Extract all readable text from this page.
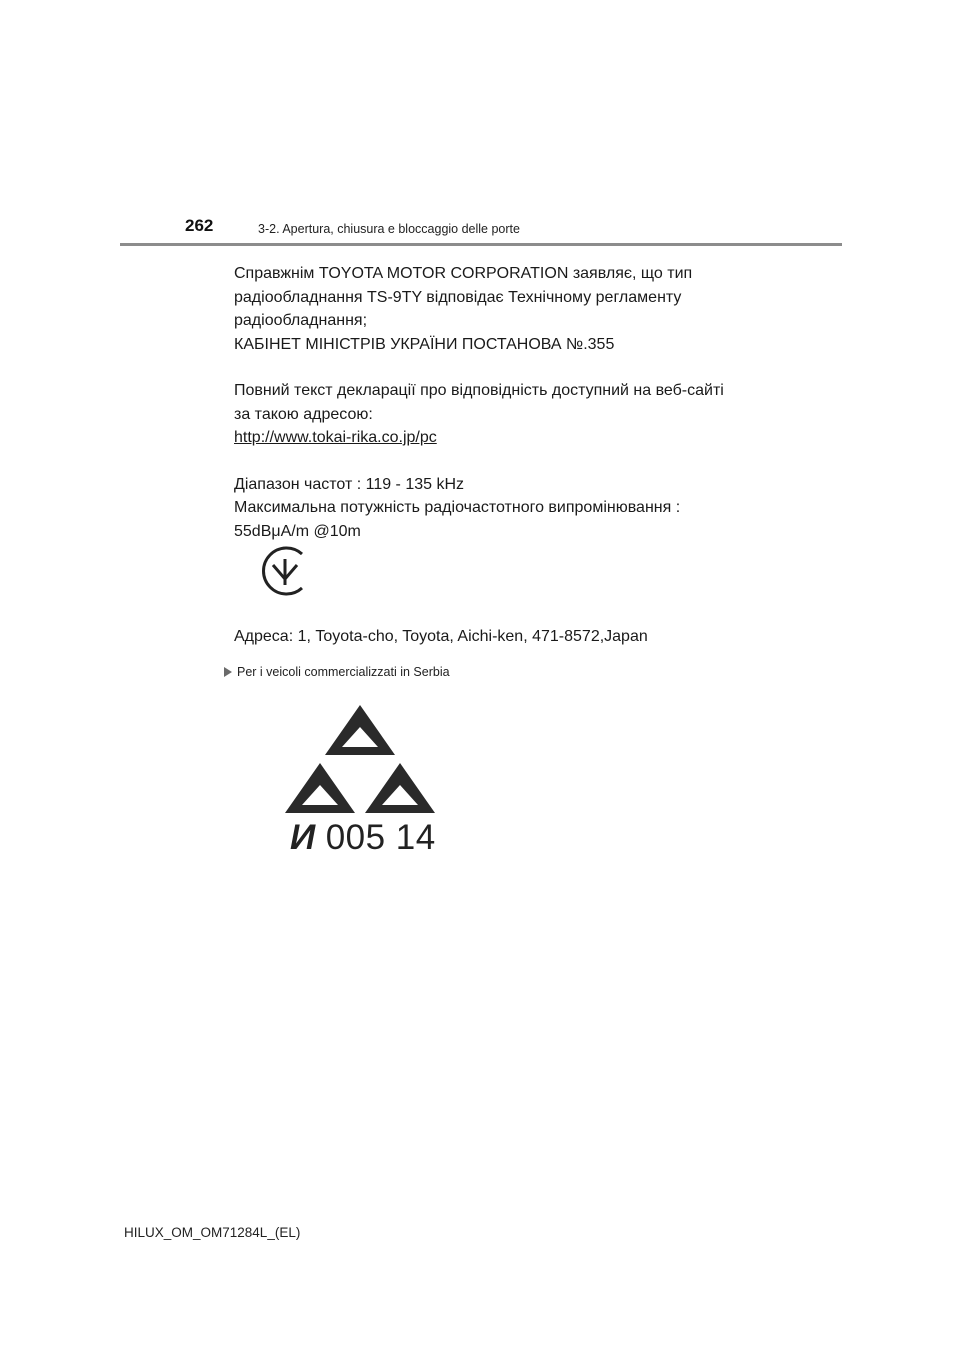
262	3-2. Apertura, chiusura e bloccaggio delle porte

Справжнім TOYOTA MOTOR CORPORATION заявляє, що тип

радіообладнання TS-9TY відповідає Технічному регламенту

радіообладнання;

КАБІНЕТ МІНІСТРІВ УКРАЇНИ ПОСТАНОВА №.355

Повний текст декларації про відповідність доступний на веб-сайті

за такою адресою:

http://www.tokai-rika.co.jp/pc

Діапазон частот : 119 - 135 kHz

Максимальна потужність радіочастотного випромінювання :

55dBμA/m @10m

Адреса: 1, Toyota-cho, Toyota, Aichi-ken, 471-8572,Japan
Per i veicoli commercializzati in Serbia
И 005 14
HILUX_OM_OM71284L_(EL)
